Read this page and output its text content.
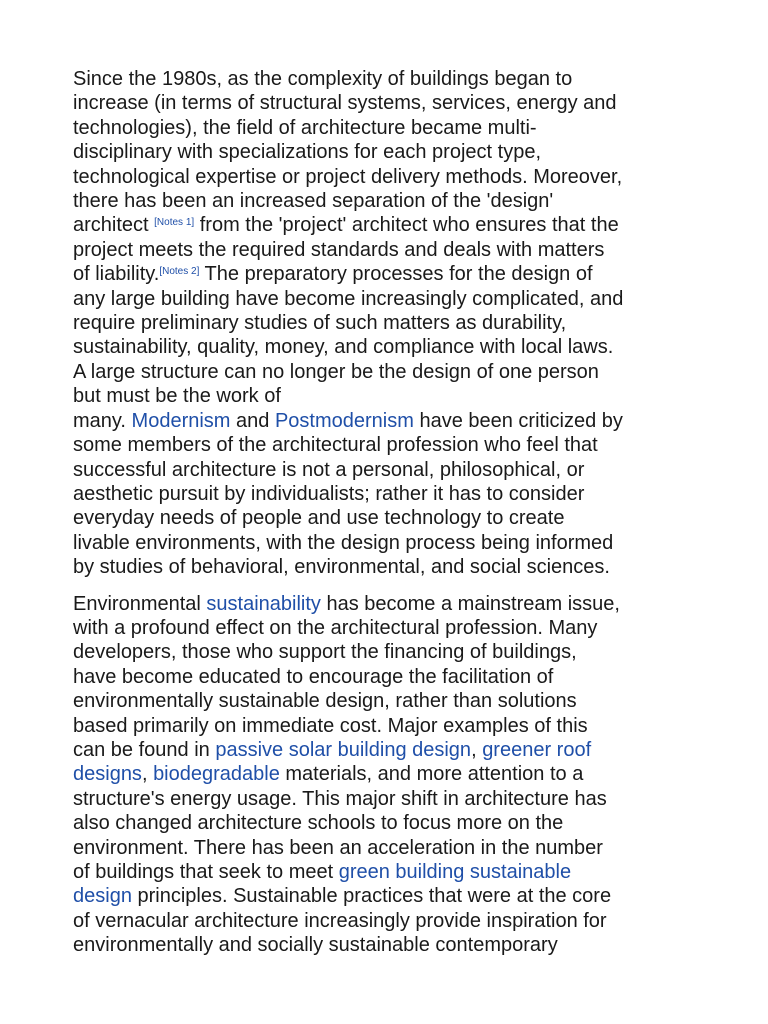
Since the 1980s, as the complexity of buildings began to
increase (in terms of structural systems, services, energy and
technologies), the field of architecture became multi-
disciplinary with specializations for each project type,
technological expertise or project delivery methods. Moreover,
there has been an increased separation of the 'design'
architect [Notes 1] from the 'project' architect who ensures that the
project meets the required standards and deals with matters
of liability.[Notes 2] The preparatory processes for the design of
any large building have become increasingly complicated, and
require preliminary studies of such matters as durability,
sustainability, quality, money, and compliance with local laws.
A large structure can no longer be the design of one person
but must be the work of
many. Modernism and Postmodernism have been criticized by
some members of the architectural profession who feel that
successful architecture is not a personal, philosophical, or
aesthetic pursuit by individualists; rather it has to consider
everyday needs of people and use technology to create
livable environments, with the design process being informed
by studies of behavioral, environmental, and social sciences.
Environmental sustainability has become a mainstream issue,
with a profound effect on the architectural profession. Many
developers, those who support the financing of buildings,
have become educated to encourage the facilitation of
environmentally sustainable design, rather than solutions
based primarily on immediate cost. Major examples of this
can be found in passive solar building design, greener roof
designs, biodegradable materials, and more attention to a
structure's energy usage. This major shift in architecture has
also changed architecture schools to focus more on the
environment. There has been an acceleration in the number
of buildings that seek to meet green building sustainable
design principles. Sustainable practices that were at the core
of vernacular architecture increasingly provide inspiration for
environmentally and socially sustainable contemporary
